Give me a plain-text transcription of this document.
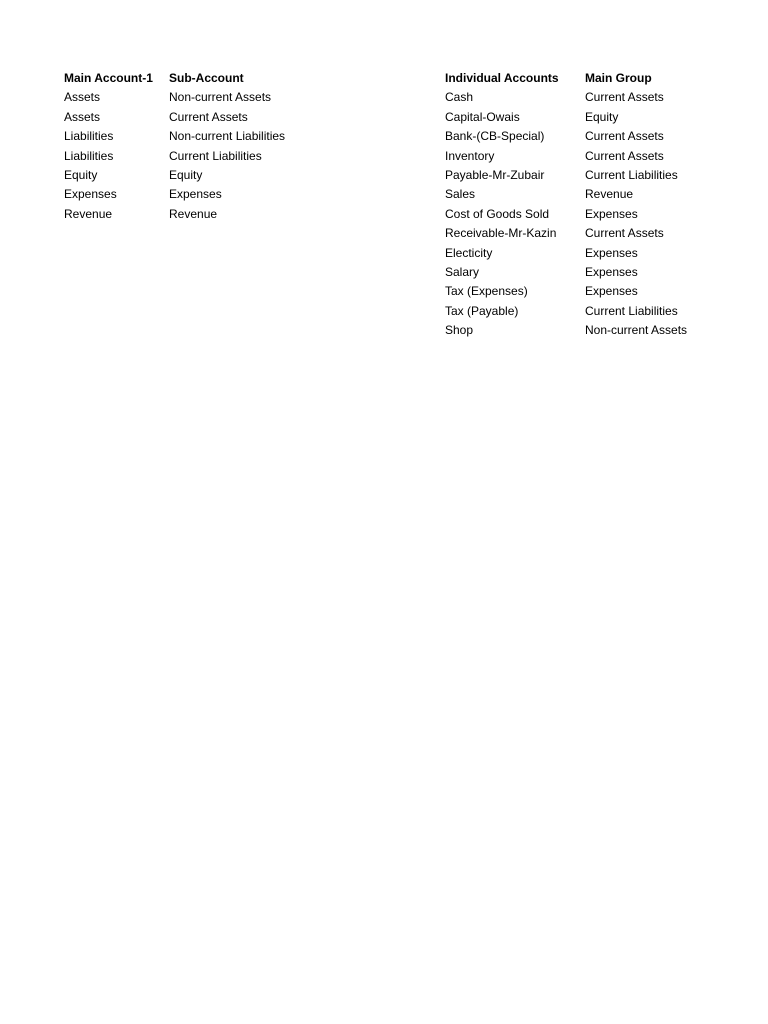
Main Account-1	Sub-Account
Assets	Non-current Assets
Assets	Current Assets
Liabilities	Non-current Liabilities
Liabilities	Current Liabilities
Equity	Equity
Expenses	Expenses
Revenue	Revenue
Individual Accounts	Main Group
Cash	Current Assets
Capital-Owais	Equity
Bank-(CB-Special)	Current Assets
Inventory	Current Assets
Payable-Mr-Zubair	Current Liabilities
Sales	Revenue
Cost of Goods Sold	Expenses
Receivable-Mr-Kazin	Current Assets
Electicity	Expenses
Salary	Expenses
Tax (Expenses)	Expenses
Tax (Payable)	Current Liabilities
Shop	Non-current Assets
